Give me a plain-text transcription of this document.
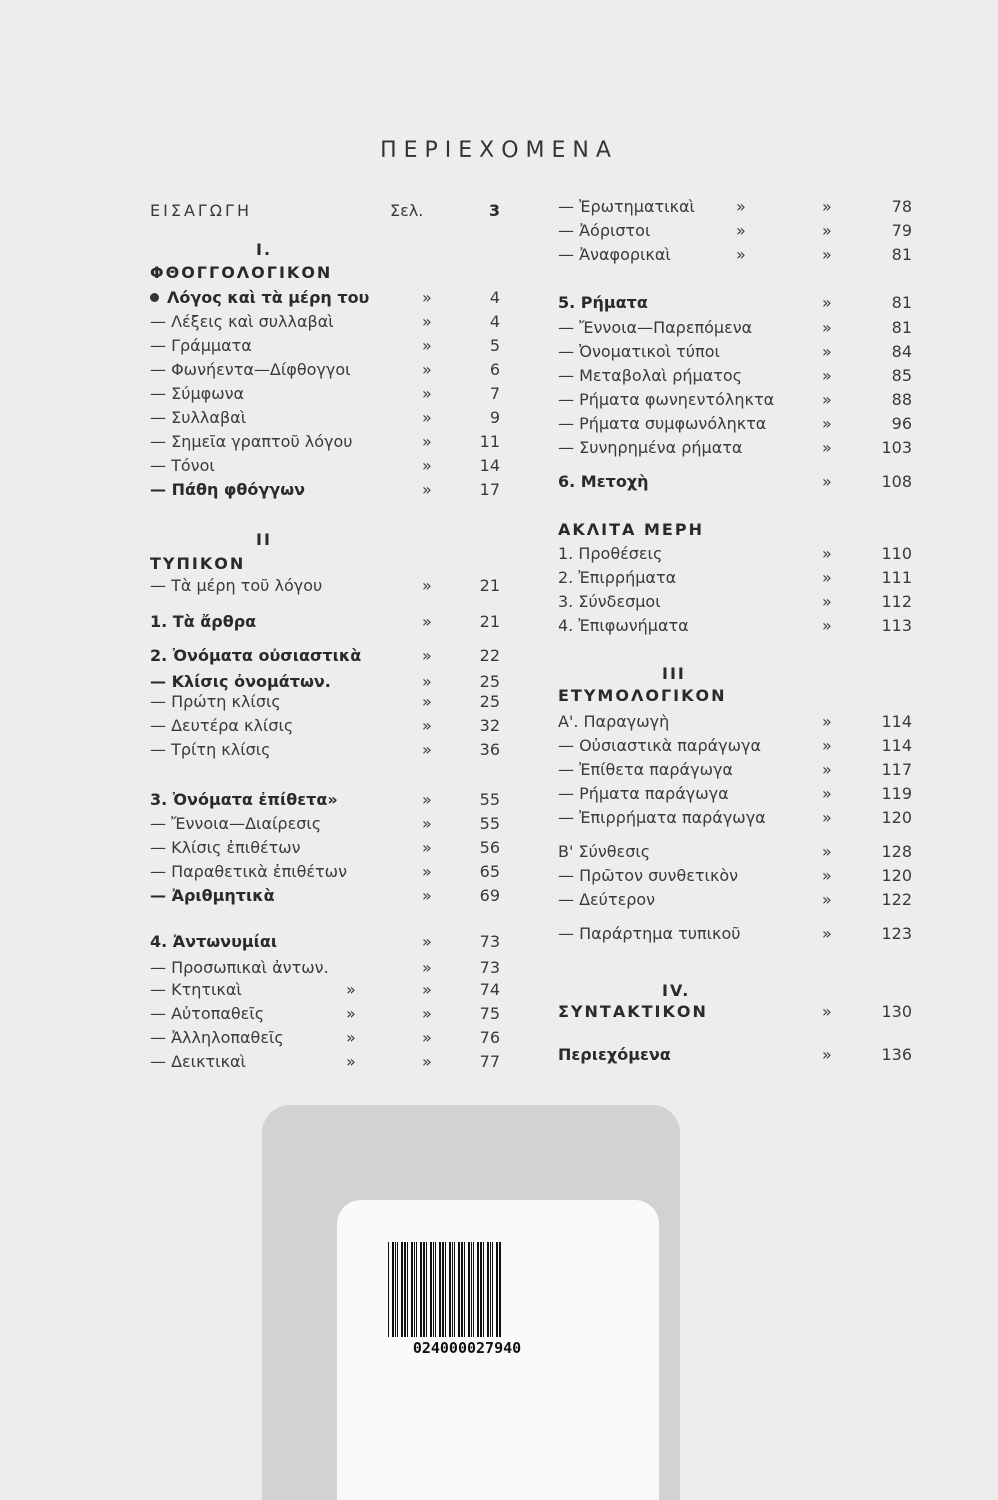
ΠΕΡΙΕΧΟΜΕΝΑ
ΕΙΣΑΓΩΓΗ	Σελ.	3
Ι.
ΦΘΟΓΓΟΛΟΓΙΚΟΝ
Λόγος καὶ τὰ μέρη του	»	4
— Λέξεις καὶ συλλαβαὶ	»	4
— Γράμματα	»	5
— Φωνήεντα—Δίφθογγοι	»	6
— Σύμφωνα	»	7
— Συλλαβαὶ	»	9
— Σημεῖα γραπτοῦ λόγου	»	11
— Τόνοι	»	14
— Πάθη φθόγγων	»	17
ΙΙ
ΤΥΠΙΚΟΝ
— Τὰ μέρη τοῦ λόγου	»	21
1. Τὰ ἄρθρα	»	21
2. Ὀνόματα οὐσιαστικὰ	»	22
— Κλίσις ὀνομάτων.	»	25
— Πρώτη κλίσις	»	25
— Δευτέρα κλίσις	»	32
— Τρίτη κλίσις	»	36
3. Ὀνόματα ἐπίθετα»	»	55
— Ἔννοια—Διαίρεσις	»	55
— Κλίσις ἐπιθέτων	»	56
— Παραθετικὰ ἐπιθέτων	»	65
— Ἀριθμητικὰ	»	69
4. Ἀντωνυμίαι	»	73
— Προσωπικαὶ ἀντων.	»	73
— Κτητικαὶ	»	»	74
— Αὐτοπαθεῖς	»	»	75
— Ἀλληλοπαθεῖς	»	»	76
— Δεικτικαὶ	»	»	77
— Ἐρωτηματικαὶ	»	»	78
— Ἀόριστοι	»	»	79
— Ἀναφορικαὶ	»	»	81
5. Ρήματα	»	81
— Ἔννοια—Παρεπόμενα	»	81
— Ὀνοματικοὶ τύποι	»	84
— Μεταβολαὶ ρήματος	»	85
— Ρήματα φωνηεντόληκτα	»	88
— Ρήματα συμφωνόληκτα	»	96
— Συνηρημένα ρήματα	»	103
6. Μετοχὴ	»	108
ΑΚΛΙΤΑ ΜΕΡΗ
1. Προθέσεις	»	110
2. Ἐπιρρήματα	»	111
3. Σύνδεσμοι	»	112
4. Ἐπιφωνήματα	»	113
ΙΙΙ
ΕΤΥΜΟΛΟΓΙΚΟΝ
Α'. Παραγωγὴ	»	114
— Οὐσιαστικὰ παράγωγα	»	114
— Ἐπίθετα παράγωγα	»	117
— Ρήματα παράγωγα	»	119
— Ἐπιρρήματα παράγωγα	»	120
Β' Σύνθεσις	»	128
— Πρῶτον συνθετικὸν	»	120
— Δεύτερον	»	122
— Παράρτημα τυπικοῦ	»	123
ΙV.
ΣΥΝΤΑΚΤΙΚΟΝ	»	130
Περιεχόμενα	»	136
024000027940
